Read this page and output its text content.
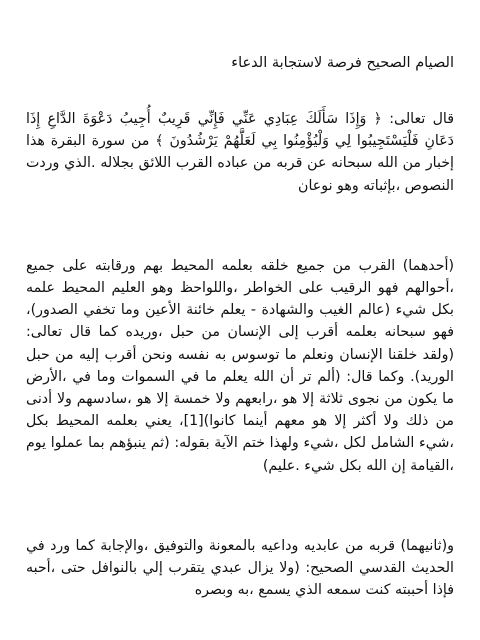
الصيام الصحيح فرصة لاستجابة الدعاء

قال تعالى: ﴿ وَإِذَا سَأَلَكَ عِبَادِي عَنِّي فَإِنِّي قَرِيبٌ أُجِيبُ دَعْوَةَ الدَّاعِ إِذَا دَعَانِ فَلْيَسْتَجِيبُوا لِي وَلْيُؤْمِنُوا بِي لَعَلَّهُمْ يَرْشُدُونَ ﴾ من سورة البقرة هذا إخبار من الله سبحانه عن قربه من عباده القرب اللائق بجلاله .الذي وردت النصوص ،بإثباته وهو نوعان

(أحدهما) القرب من جميع خلقه بعلمه المحيط بهم ورقابته على جميع ،أحوالهم فهو الرقيب على الخواطر ،واللواحظ وهو العليم المحيط علمه بكل شيء (عالم الغيب والشهادة - يعلم خائنة الأعين وما تخفي الصدور)، فهو سبحانه بعلمه أقرب إلى الإنسان من حبل ،وريده كما قال تعالى: (ولقد خلقنا الإنسان ونعلم ما توسوس به نفسه ونحن أقرب إليه من حبل الوريد). وكما قال: (ألم تر أن الله يعلم ما في السموات وما في ،الأرض ما يكون من نجوى ثلاثة إلا هو ،رابعهم ولا خمسة إلا هو ،سادسهم ولا أدنى من ذلك ولا أكثر إلا هو معهم أينما كانوا)[1]، يعني بعلمه المحيط بكل ،شيء الشامل لكل ،شيء ولهذا ختم الآية بقوله: (ثم ينبؤهم بما عملوا يوم ،القيامة إن الله بكل شيء .عليم)

و(ثانيهما) قربه من عابديه وداعيه بالمعونة والتوفيق ،والإجابة كما ورد في الحديث القدسي الصحيح: (ولا يزال عبدي يتقرب إلي بالنوافل حتى ،أحبه فإذا أحببته كنت سمعه الذي يسمع ،به وبصره
